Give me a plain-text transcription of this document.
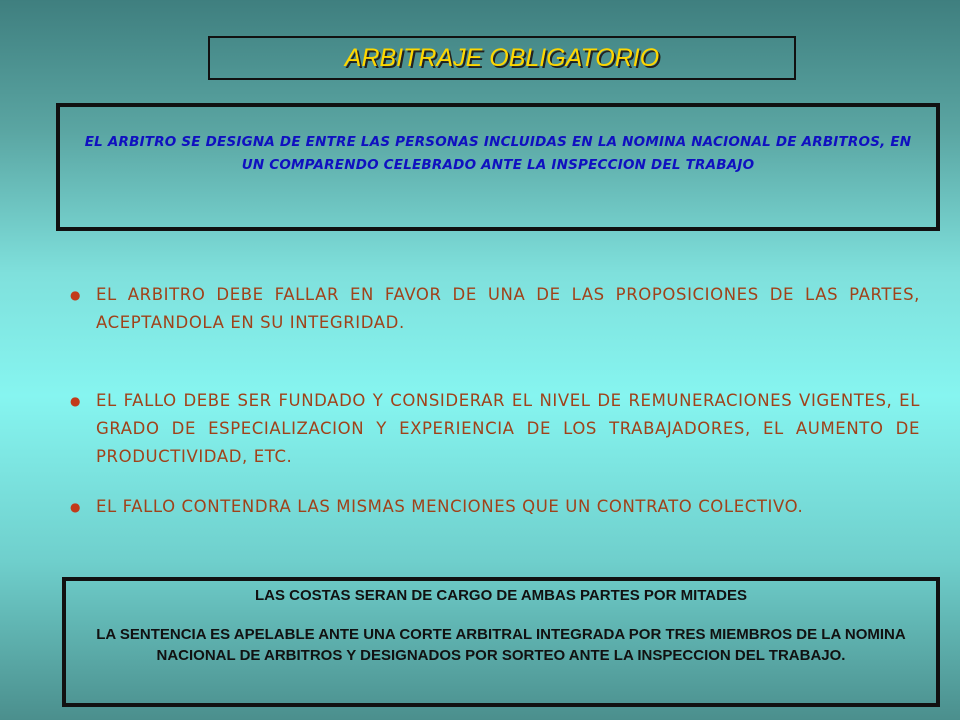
ARBITRAJE OBLIGATORIO
EL ARBITRO SE DESIGNA DE ENTRE LAS PERSONAS INCLUIDAS EN LA NOMINA NACIONAL DE ARBITROS, EN UN COMPARENDO CELEBRADO ANTE LA INSPECCION DEL TRABAJO
● EL ARBITRO DEBE FALLAR EN FAVOR DE UNA DE LAS PROPOSICIONES DE LAS PARTES, ACEPTANDOLA EN SU INTEGRIDAD.
● EL FALLO DEBE SER FUNDADO Y CONSIDERAR EL NIVEL DE REMUNERACIONES VIGENTES, EL GRADO DE ESPECIALIZACION Y EXPERIENCIA DE LOS TRABAJADORES, EL AUMENTO DE PRODUCTIVIDAD, ETC.
● EL FALLO CONTENDRA LAS MISMAS MENCIONES QUE UN CONTRATO COLECTIVO.
LAS COSTAS SERAN DE CARGO DE AMBAS PARTES POR MITADES
LA SENTENCIA ES APELABLE ANTE UNA CORTE ARBITRAL INTEGRADA POR TRES MIEMBROS DE LA NOMINA NACIONAL DE ARBITROS Y DESIGNADOS POR SORTEO ANTE LA INSPECCION DEL TRABAJO.
